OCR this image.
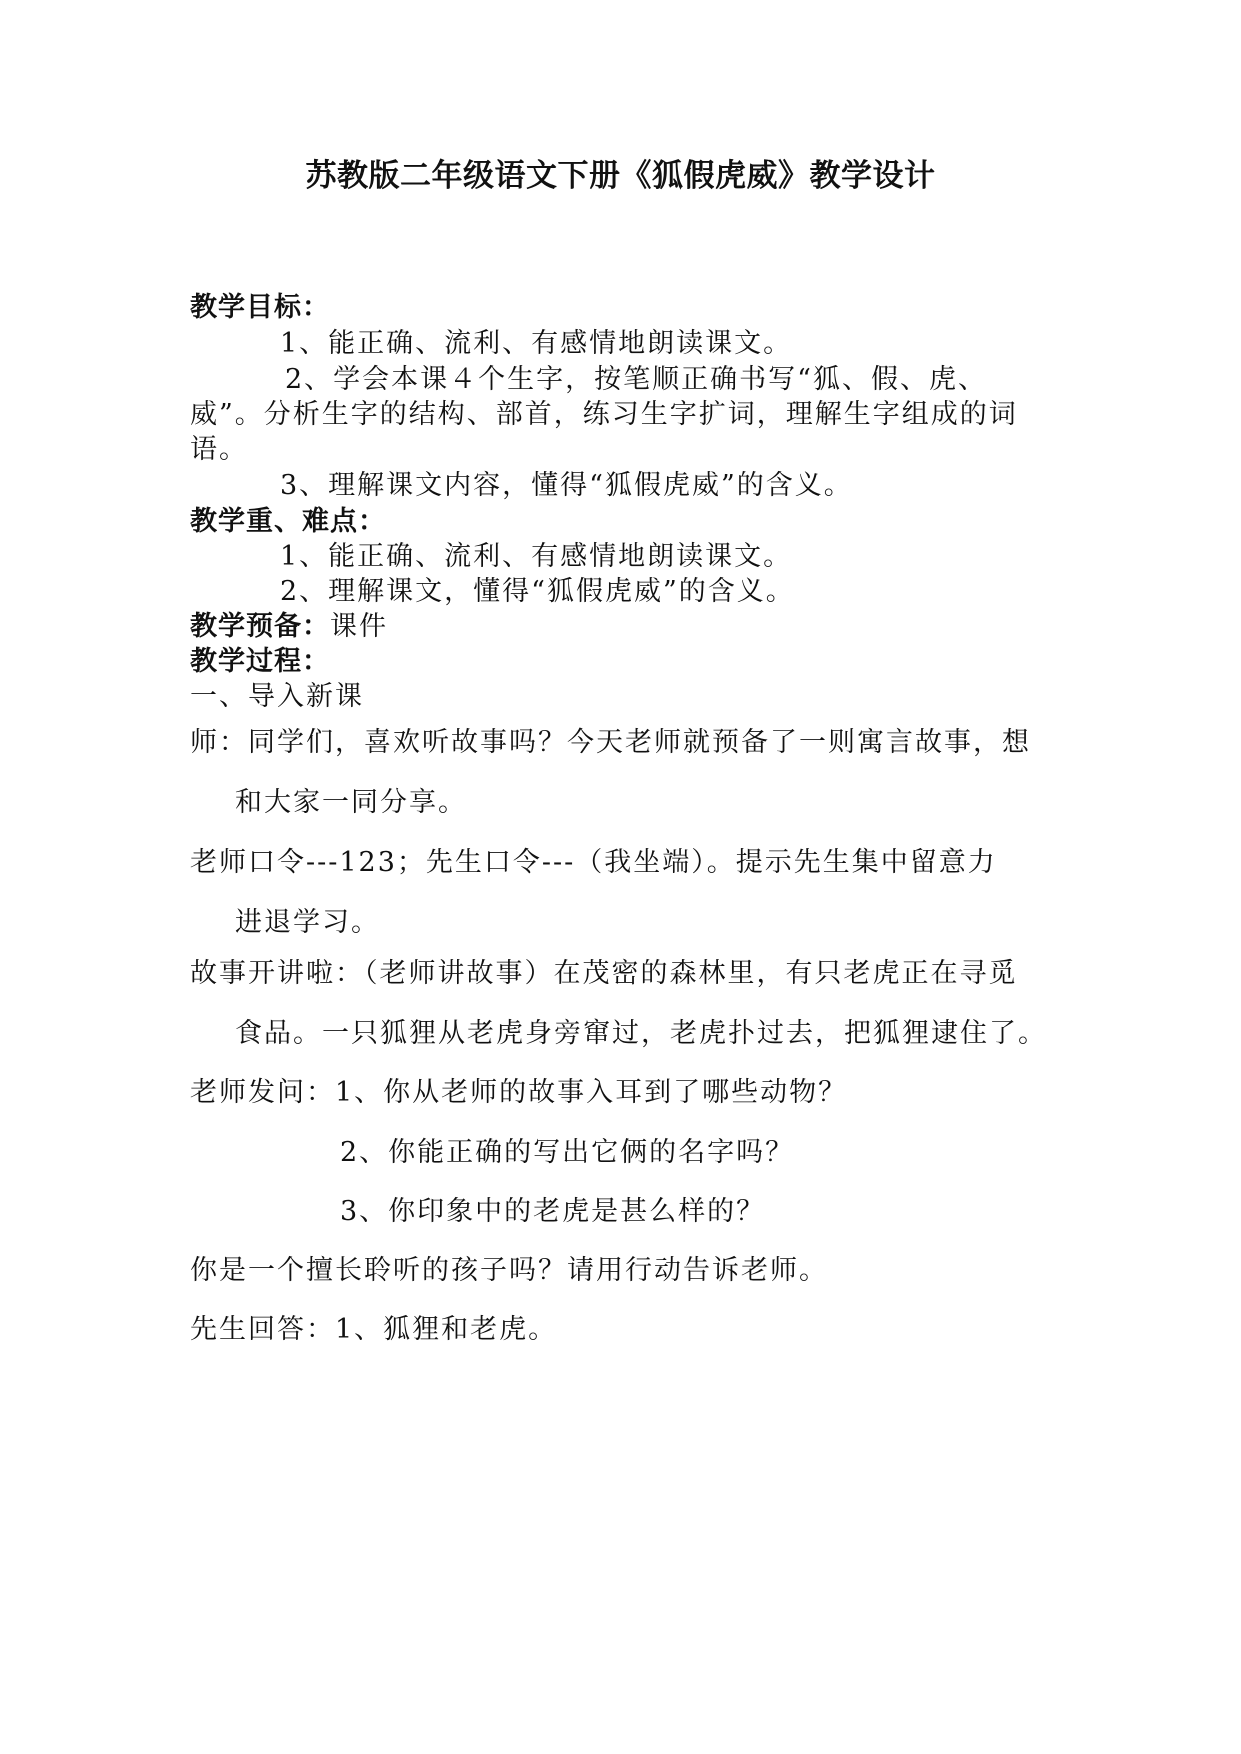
苏教版二年级语文下册《狐假虎威》教学设计
教学目标：
1、能正确、流利、有感情地朗读课文。
2、学会本课４个生字，按笔顺正确书写“狐、假、虎、
威”。分析生字的结构、部首，练习生字扩词，理解生字组成的词
语。
3、理解课文内容，懂得“狐假虎威”的含义。
教学重、难点：
1、能正确、流利、有感情地朗读课文。
2、理解课文，懂得“狐假虎威”的含义。
教学预备：课件
教学过程：
一、导入新课
师：同学们，喜欢听故事吗？今天老师就预备了一则寓言故事，想
和大家一同分享。
老师口令---123；先生口令---（我坐端）。提示先生集中留意力
进退学习。
故事开讲啦：（老师讲故事）在茂密的森林里，有只老虎正在寻觅
食品。一只狐狸从老虎身旁窜过，老虎扑过去，把狐狸逮住了。
老师发问：1、你从老师的故事入耳到了哪些动物？
2、你能正确的写出它俩的名字吗？
3、你印象中的老虎是甚么样的？
你是一个擅长聆听的孩子吗？请用行动告诉老师。
先生回答：1、狐狸和老虎。
